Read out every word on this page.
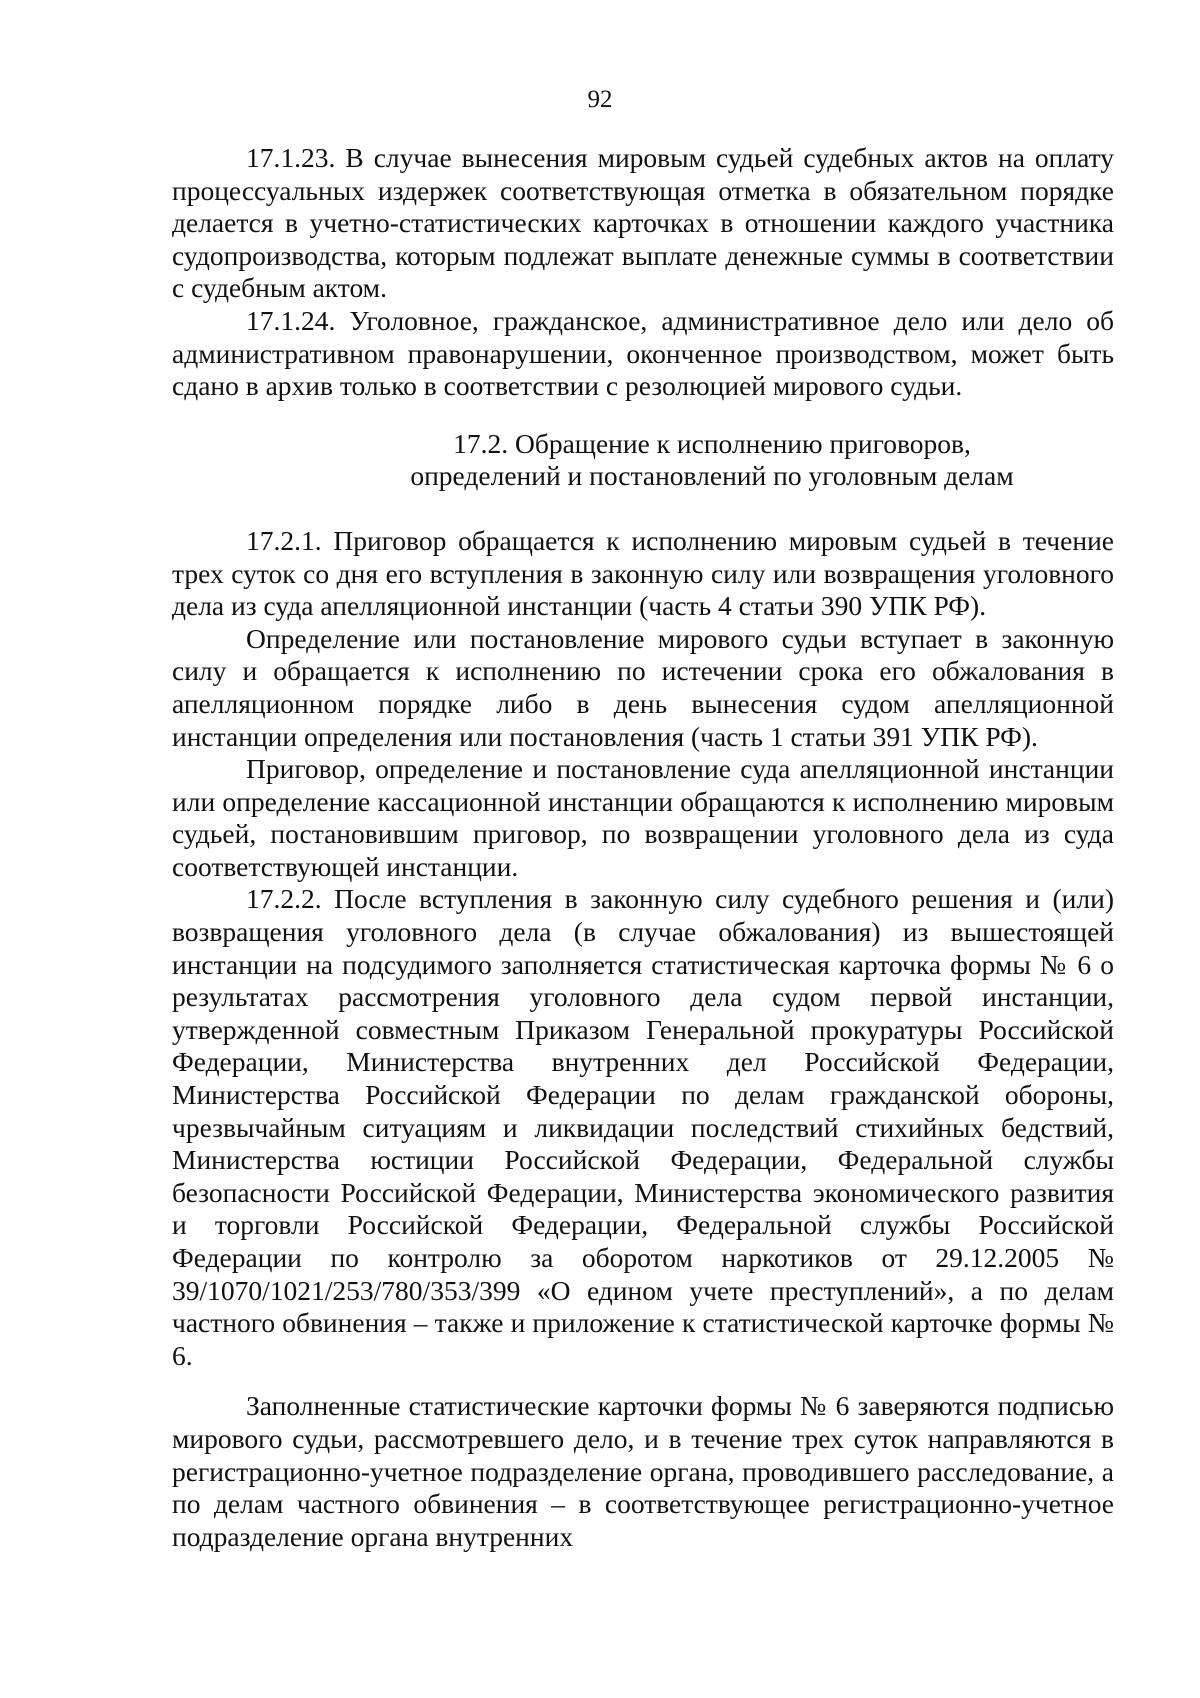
92

17.1.23. В случае вынесения мировым судьей судебных актов на оплату процессуальных издержек соответствующая отметка в обязательном порядке делается в учетно-статистических карточках в отношении каждого участника судопроизводства, которым подлежат выплате денежные суммы в соответствии с судебным актом.

17.1.24. Уголовное, гражданское, административное дело или дело об административном правонарушении, оконченное производством, может быть сдано в архив только в соответствии с резолюцией мирового судьи.

17.2. Обращение к исполнению приговоров,

определений и постановлений по уголовным делам

17.2.1. Приговор обращается к исполнению мировым судьей в течение трех суток со дня его вступления в законную силу или возвращения уголовного дела из суда апелляционной инстанции (часть 4 статьи 390 УПК РФ).

Определение или постановление мирового судьи вступает в законную силу и обращается к исполнению по истечении срока его обжалования в апелляционном порядке либо в день вынесения судом апелляционной инстанции определения или постановления (часть 1 статьи 391 УПК РФ).

Приговор, определение и постановление суда апелляционной инстанции или определение кассационной инстанции обращаются к исполнению мировым судьей, постановившим приговор, по возвращении уголовного дела из суда соответствующей инстанции.

17.2.2. После вступления в законную силу судебного решения и (или) возвращения уголовного дела (в случае обжалования) из вышестоящей инстанции на подсудимого заполняется статистическая карточка формы № 6 о результатах рассмотрения уголовного дела судом первой инстанции, утвержденной совместным Приказом Генеральной прокуратуры Российской Федерации, Министерства внутренних дел Российской Федерации, Министерства Российской Федерации по делам гражданской обороны, чрезвычайным ситуациям и ликвидации последствий стихийных бедствий, Министерства юстиции Российской Федерации, Федеральной службы безопасности Российской Федерации, Министерства экономического развития и торговли Российской Федерации, Федеральной службы Российской Федерации по контролю за оборотом наркотиков от 29.12.2005 № 39/1070/1021/253/780/353/399 «О едином учете преступлений», а по делам частного обвинения – также и приложение к статистической карточке формы № 6.

Заполненные статистические карточки формы № 6 заверяются подписью мирового судьи, рассмотревшего дело, и в течение трех суток направляются в регистрационно-учетное подразделение органа, проводившего расследование, а по делам частного обвинения – в соответствующее регистрационно-учетное подразделение органа внутренних
